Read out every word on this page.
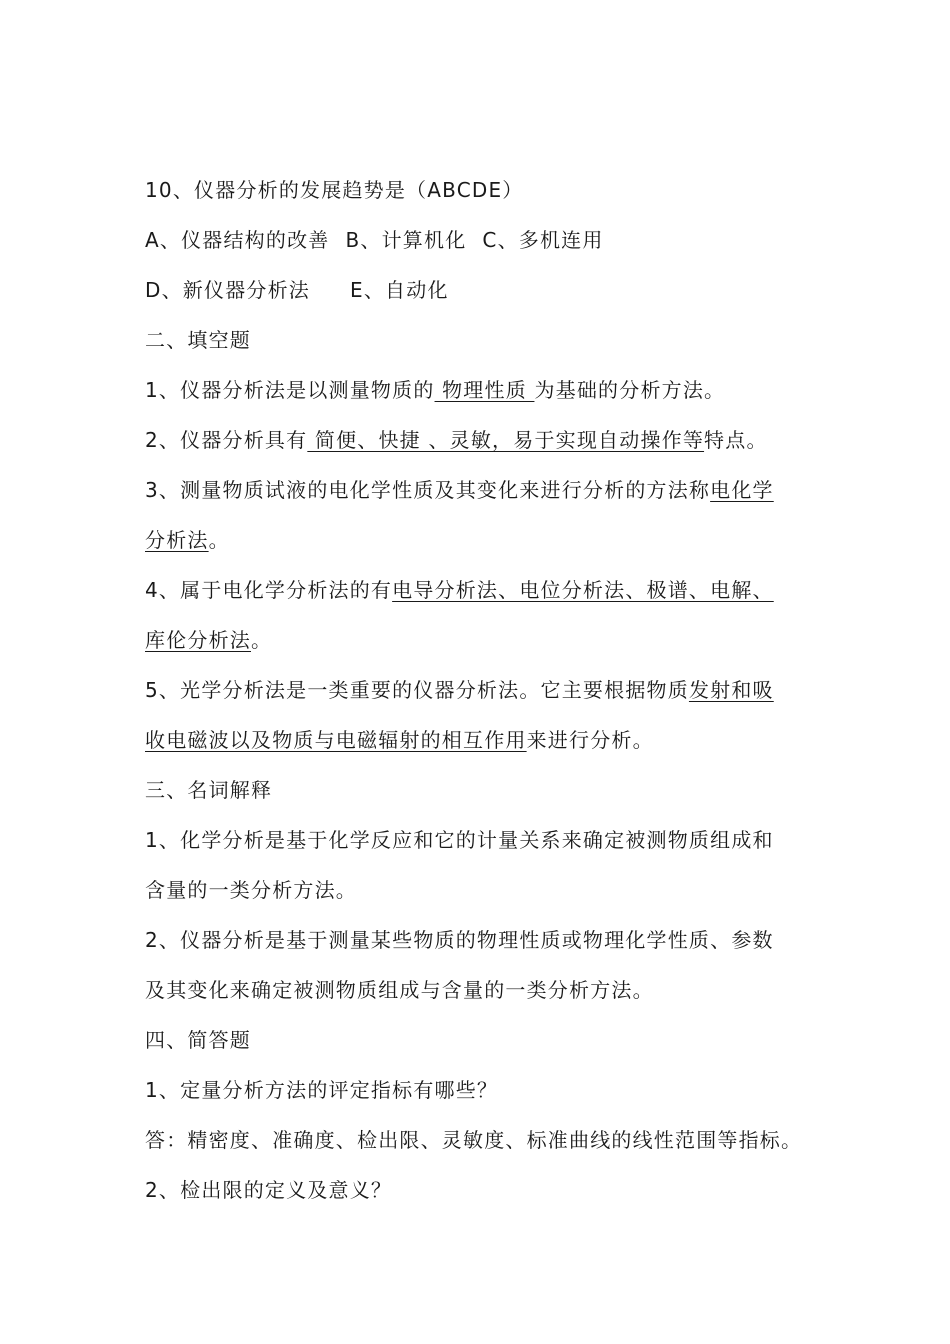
10、仪器分析的发展趋势是（ABCDE）
A、仪器结构的改善 B、计算机化 C、多机连用
D、新仪器分析法 E、自动化
二、填空题
1、仪器分析法是以测量物质的 物理性质 为基础的分析方法。
2、仪器分析具有 简便、快捷 、灵敏，易于实现自动操作等特点。
3、测量物质试液的电化学性质及其变化来进行分析的方法称电化学
分析法。
4、属于电化学分析法的有电导分析法、电位分析法、极谱、电解、
库伦分析法。
5、光学分析法是一类重要的仪器分析法。它主要根据物质发射和吸
收电磁波以及物质与电磁辐射的相互作用来进行分析。
三、名词解释
1、化学分析是基于化学反应和它的计量关系来确定被测物质组成和
含量的一类分析方法。
2、仪器分析是基于测量某些物质的物理性质或物理化学性质、参数
及其变化来确定被测物质组成与含量的一类分析方法。
四、简答题
1、定量分析方法的评定指标有哪些？
答：精密度、准确度、检出限、灵敏度、标准曲线的线性范围等指标。
2、检出限的定义及意义？
